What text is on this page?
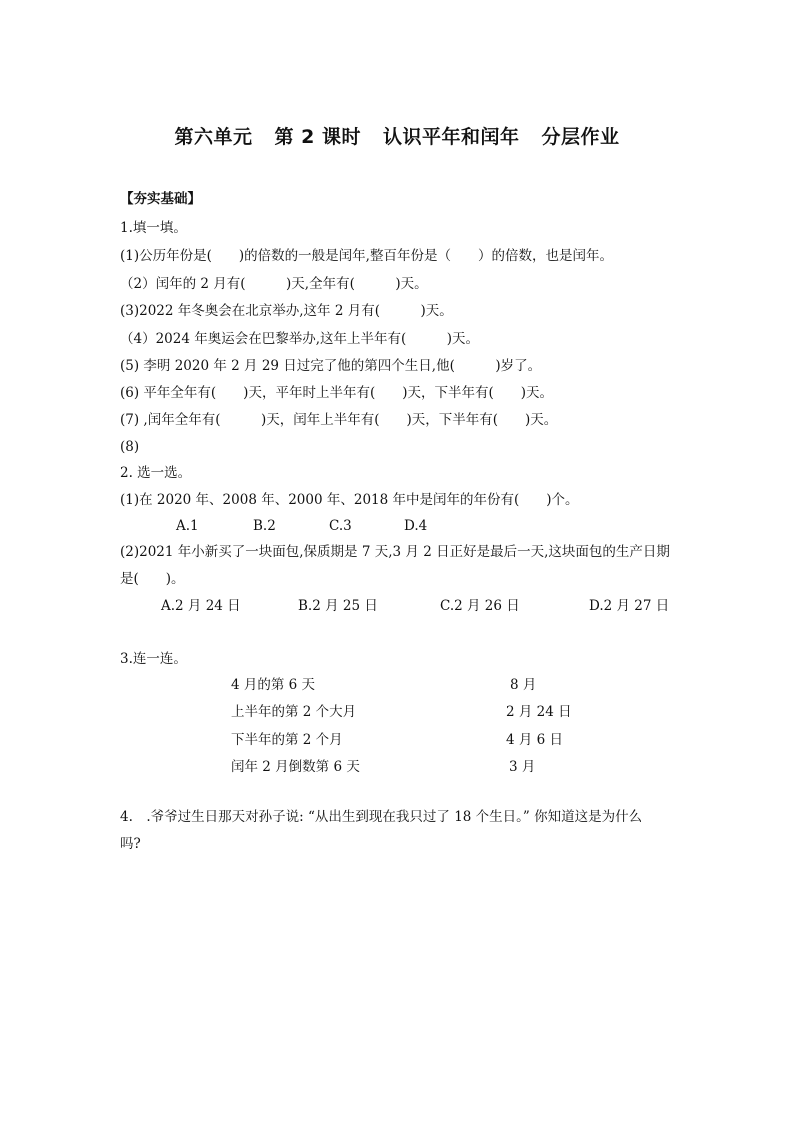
第六单元 第 2 课时 认识平年和闰年 分层作业
【夯实基础】
1.填一填。
(1)公历年份是(　　)的倍数的一般是闰年,整百年份是（　　）的倍数，也是闰年。
（2）闰年的 2 月有(　　　)天,全年有(　　　)天。
(3)2022 年冬奥会在北京举办,这年 2 月有(　　　)天。
（4）2024 年奥运会在巴黎举办,这年上半年有(　　　)天。
(5) 李明 2020 年 2 月 29 日过完了他的第四个生日,他(　　　)岁了。
(6) 平年全年有(　　)天，平年时上半年有(　　)天，下半年有(　　)天。
(7) ,闰年全年有(　　　)天，闰年上半年有(　　)天，下半年有(　　)天。
(8)
2. 选一选。
(1)在 2020 年、2008 年、2000 年、2018 年中是闰年的年份有(　　)个。
A.1	B.2	C.3	D.4
(2)2021 年小新买了一块面包,保质期是 7 天,3 月 2 日正好是最后一天,这块面包的生产日期
是(　　)。
A.2 月 24 日	B.2 月 25 日	C.2 月 26 日	D.2 月 27 日
3.连一连。
4 月的第 6 天
上半年的第 2 个大月
下半年的第 2 个月
闰年 2 月倒数第 6 天
8 月
2 月 24 日
4 月 6 日
3 月
4.　.爷爷过生日那天对孙子说: “从出生到现在我只过了 18 个生日。” 你知道这是为什么
吗?
